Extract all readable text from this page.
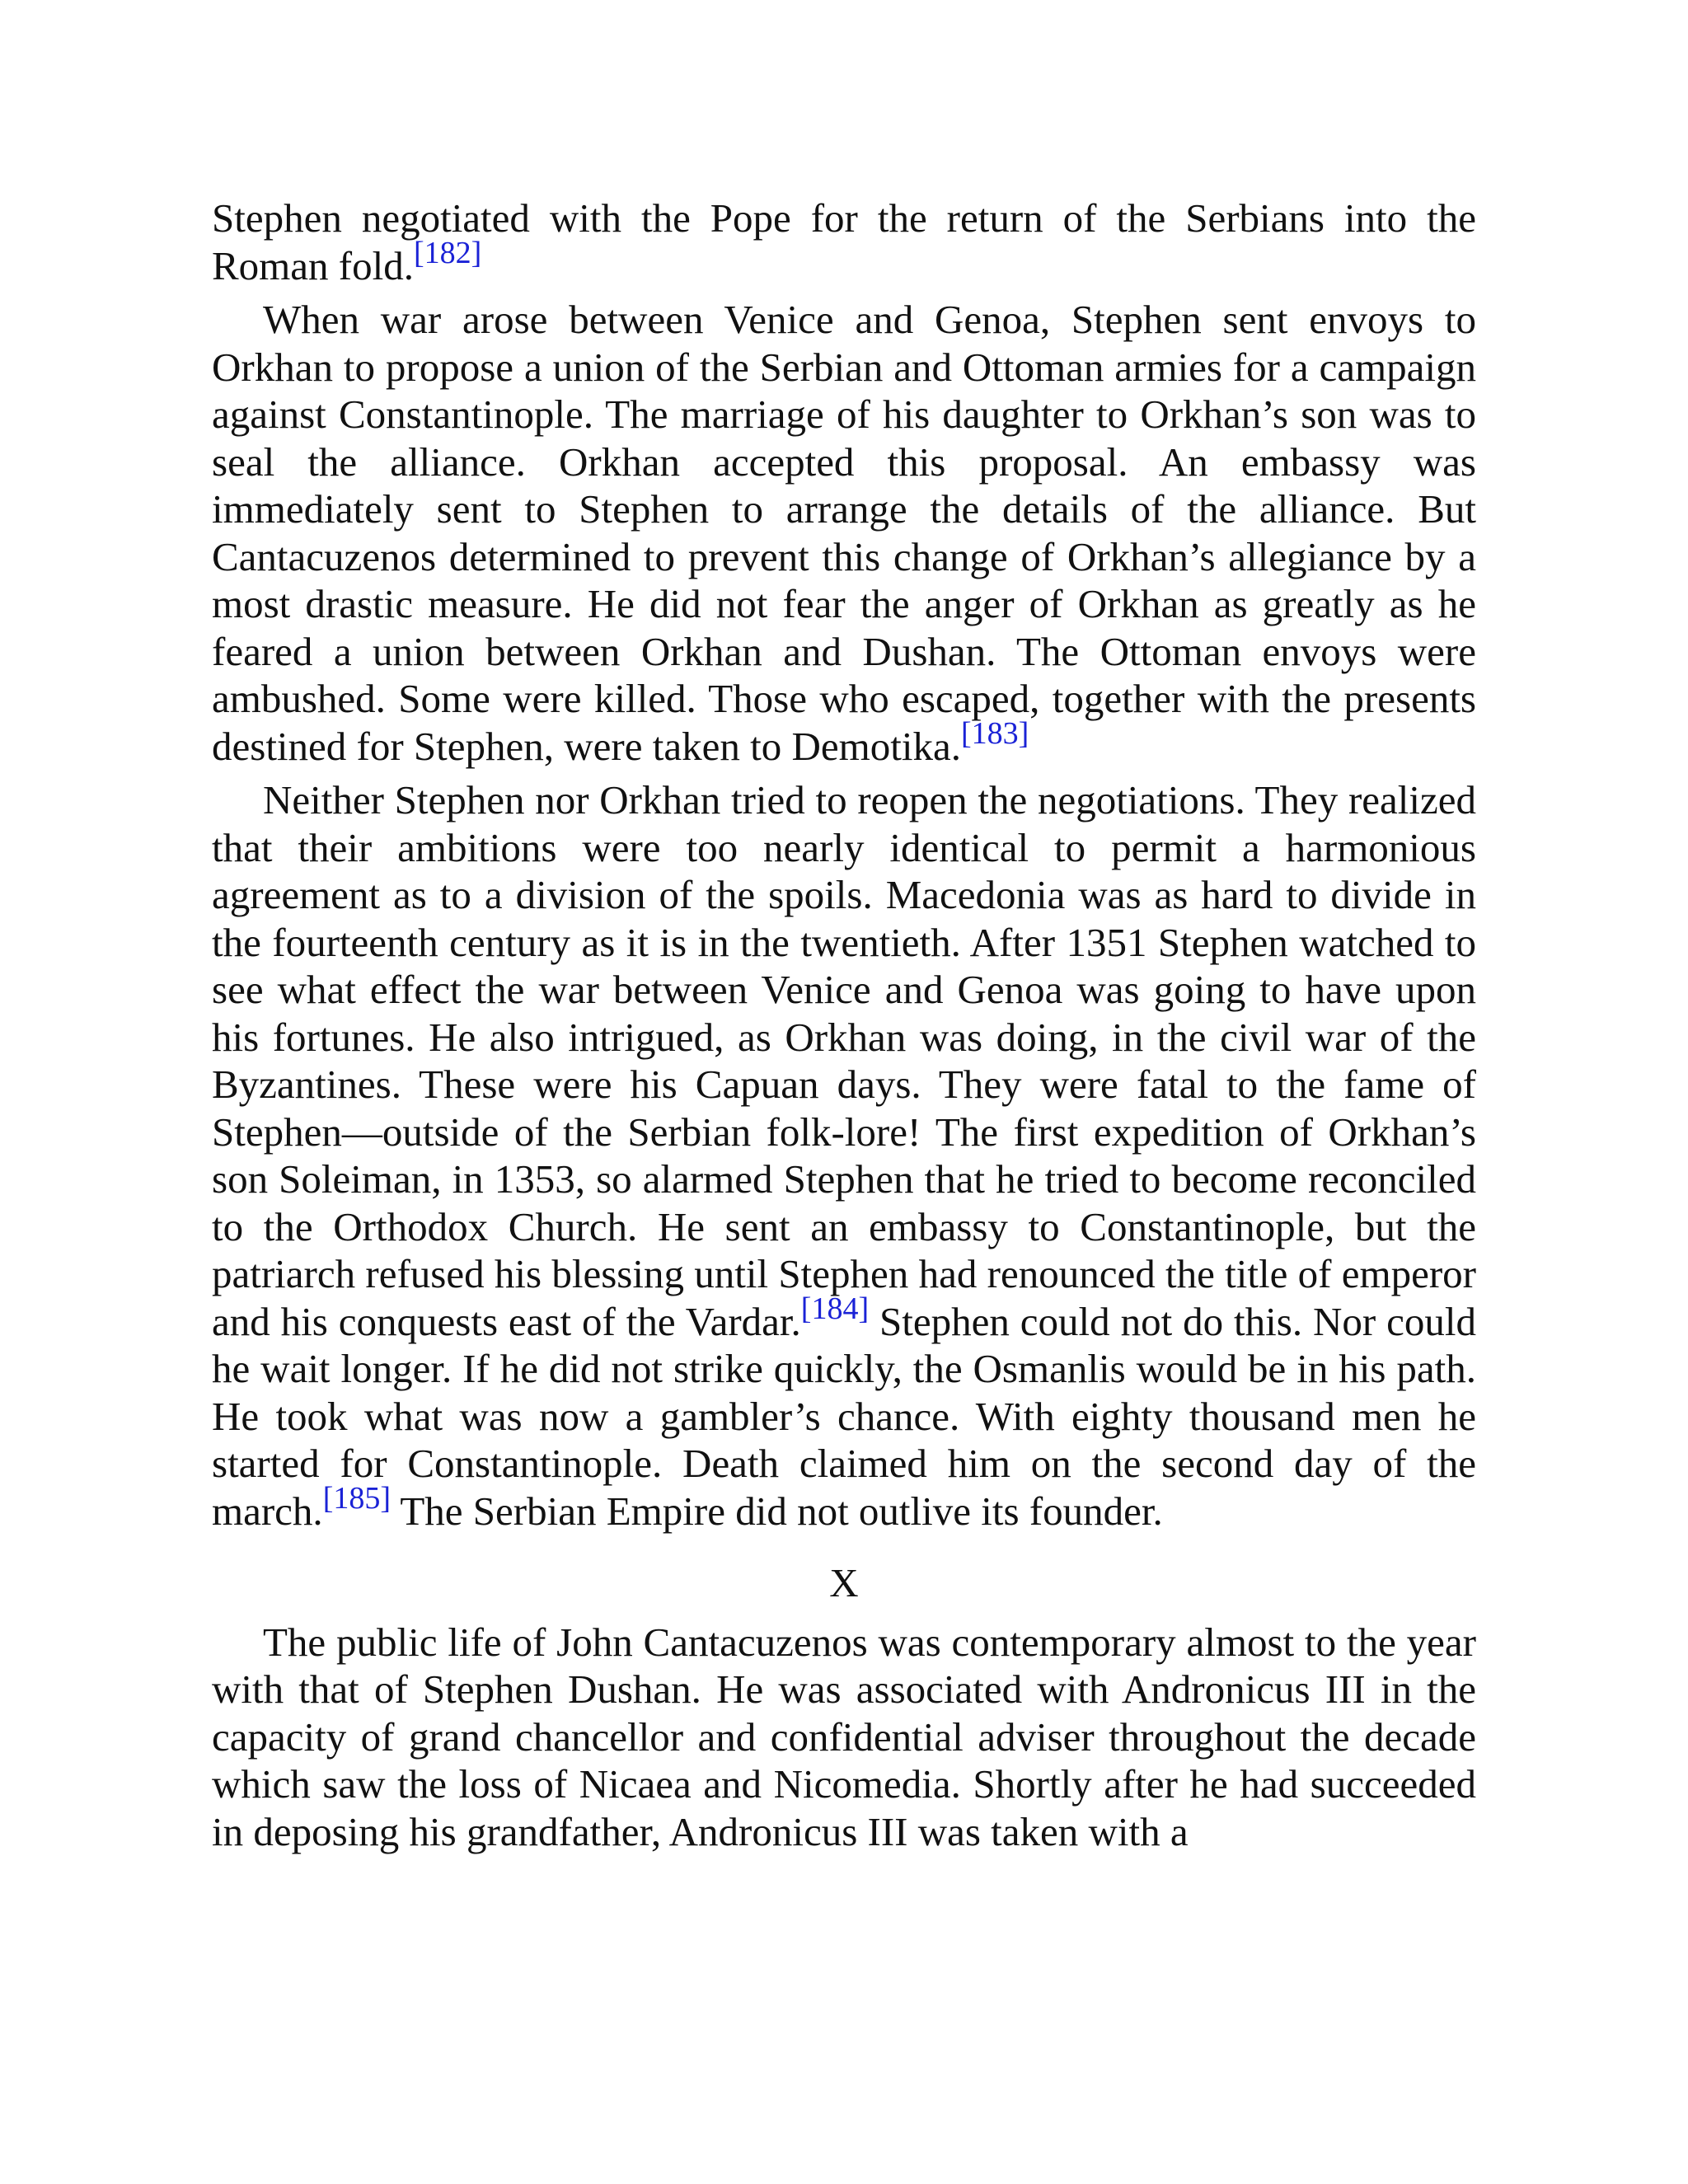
Stephen negotiated with the Pope for the return of the Serbians into the Roman fold.[182]

When war arose between Venice and Genoa, Stephen sent envoys to Orkhan to propose a union of the Serbian and Ottoman armies for a campaign against Constantinople. The marriage of his daughter to Orkhan’s son was to seal the alliance. Orkhan accepted this proposal. An embassy was immediately sent to Stephen to arrange the details of the alliance. But Cantacuzenos determined to prevent this change of Orkhan’s allegiance by a most drastic measure. He did not fear the anger of Orkhan as greatly as he feared a union between Orkhan and Dushan. The Ottoman envoys were ambushed. Some were killed. Those who escaped, together with the presents destined for Stephen, were taken to Demotika.[183]

Neither Stephen nor Orkhan tried to reopen the negotiations. They realized that their ambitions were too nearly identical to permit a harmonious agreement as to a division of the spoils. Macedonia was as hard to divide in the fourteenth century as it is in the twentieth. After 1351 Stephen watched to see what effect the war between Venice and Genoa was going to have upon his fortunes. He also intrigued, as Orkhan was doing, in the civil war of the Byzantines. These were his Capuan days. They were fatal to the fame of Stephen—outside of the Serbian folk-lore! The first expedition of Orkhan’s son Soleiman, in 1353, so alarmed Stephen that he tried to become reconciled to the Orthodox Church. He sent an embassy to Constantinople, but the patriarch refused his blessing until Stephen had renounced the title of emperor and his conquests east of the Vardar.[184] Stephen could not do this. Nor could he wait longer. If he did not strike quickly, the Osmanlis would be in his path. He took what was now a gambler’s chance. With eighty thousand men he started for Constantinople. Death claimed him on the second day of the march.[185] The Serbian Empire did not outlive its founder.

X

The public life of John Cantacuzenos was contemporary almost to the year with that of Stephen Dushan. He was associated with Andronicus III in the capacity of grand chancellor and confidential adviser throughout the decade which saw the loss of Nicaea and Nicomedia. Shortly after he had succeeded in deposing his grandfather, Andronicus III was taken with a
